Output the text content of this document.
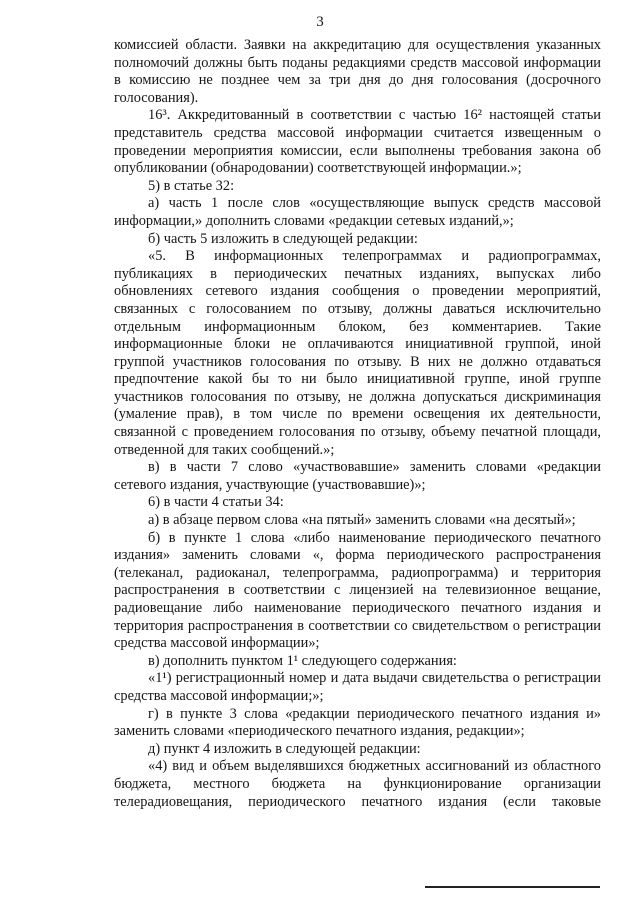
3

комиссией области. Заявки на аккредитацию для осуществления указанных полномочий должны быть поданы редакциями средств массовой информации в комиссию не позднее чем за три дня до дня голосования (досрочного голосования).

16³. Аккредитованный в соответствии с частью 16² настоящей статьи представитель средства массовой информации считается извещенным о проведении мероприятия комиссии, если выполнены требования закона об опубликовании (обнародовании) соответствующей информации.»;

5) в статье 32:

а) часть 1 после слов «осуществляющие выпуск средств массовой информации,» дополнить словами «редакции сетевых изданий,»;

б) часть 5 изложить в следующей редакции:

«5. В информационных телепрограммах и радиопрограммах, публикациях в периодических печатных изданиях, выпусках либо обновлениях сетевого издания сообщения о проведении мероприятий, связанных с голосованием по отзыву, должны даваться исключительно отдельным информационным блоком, без комментариев. Такие информационные блоки не оплачиваются инициативной группой, иной группой участников голосования по отзыву. В них не должно отдаваться предпочтение какой бы то ни было инициативной группе, иной группе участников голосования по отзыву, не должна допускаться дискриминация (умаление прав), в том числе по времени освещения их деятельности, связанной с проведением голосования по отзыву, объему печатной площади, отведенной для таких сообщений.»;

в) в части 7 слово «участвовавшие» заменить словами «редакции сетевого издания, участвующие (участвовавшие)»;

6) в части 4 статьи 34:

а) в абзаце первом слова «на пятый» заменить словами «на десятый»;

б) в пункте 1 слова «либо наименование периодического печатного издания» заменить словами «, форма периодического распространения (телеканал, радиоканал, телепрограмма, радиопрограмма) и территория распространения в соответствии с лицензией на телевизионное вещание, радиовещание либо наименование периодического печатного издания и территория распространения в соответствии со свидетельством о регистрации средства массовой информации»;

в) дополнить пунктом 1¹ следующего содержания:

«1¹) регистрационный номер и дата выдачи свидетельства о регистрации средства массовой информации;»;

г) в пункте 3 слова «редакции периодического печатного издания и» заменить словами «периодического печатного издания, редакции»;

д) пункт 4 изложить в следующей редакции:

«4) вид и объем выделявшихся бюджетных ассигнований из областного бюджета, местного бюджета на функционирование организации телерадиовещания, периодического печатного издания (если таковые
